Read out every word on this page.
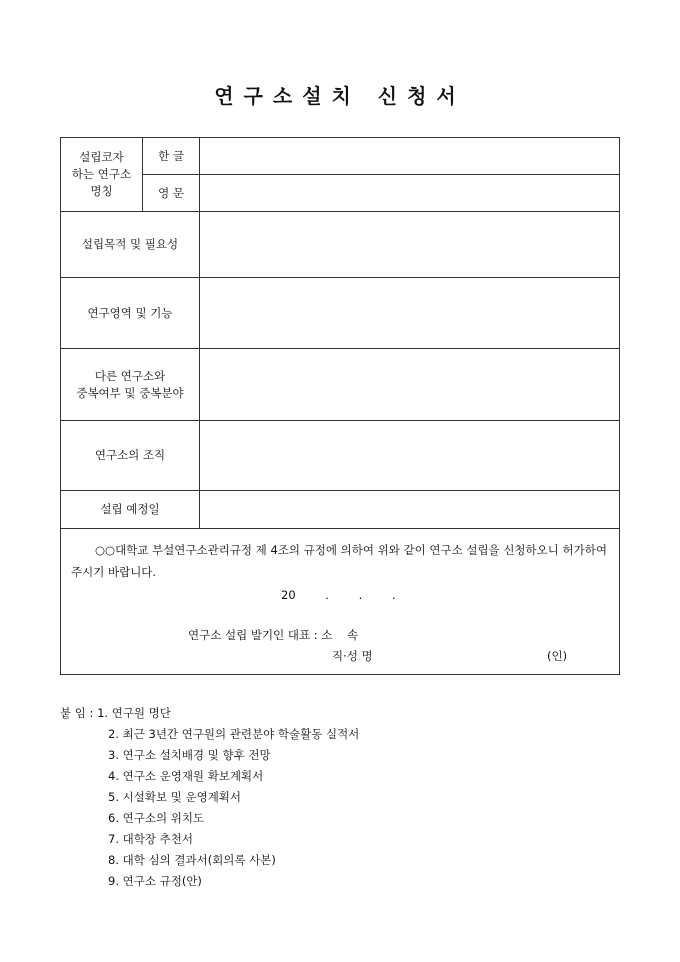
연구소설치 신청서
설립코자
하는 연구소
명칭	한 글	
	영 문	
설립목적 및 필요성		
연구영역 및 기능		
다른 연구소와
중복여부 및 중복분야		
연구소의 조직		
설립 예정일		

○○대학교 부설연구소관리규정 제 4조의 규정에 의하여 위와 같이 연구소 설립을 신청하오니 허가하여 주시기 바랍니다.
20 . . .
연구소 설립 발기인 대표 : 소    속
직·성 명 (인)		
붙 임 : 1. 연구원 명단
2. 최근 3년간 연구원의 관련분야 학술활동 실적서
3. 연구소 설치배경 및 향후 전망
4. 연구소 운영재원 확보계획서
5. 시설확보 및 운영계획서
6. 연구소의 위치도
7. 대학장 추천서
8. 대학 심의 결과서(회의록 사본)
9. 연구소 규정(안)
